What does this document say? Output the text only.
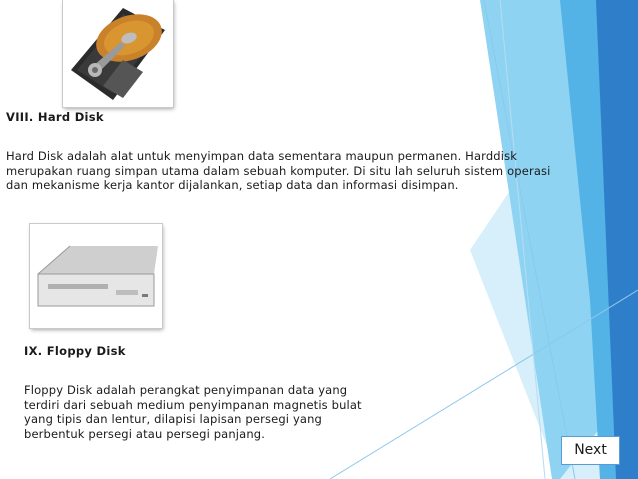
VIII. Hard Disk
Hard Disk adalah alat untuk menyimpan data sementara maupun permanen. Harddisk
merupakan ruang simpan utama dalam sebuah komputer. Di situ lah seluruh sistem operasi
dan mekanisme kerja kantor dijalankan, setiap data dan informasi disimpan.
IX. Floppy Disk
Floppy Disk adalah perangkat penyimpanan data yang
terdiri dari sebuah medium penyimpanan magnetis bulat
yang tipis dan lentur, dilapisi lapisan persegi yang
berbentuk persegi atau persegi panjang.
Next
